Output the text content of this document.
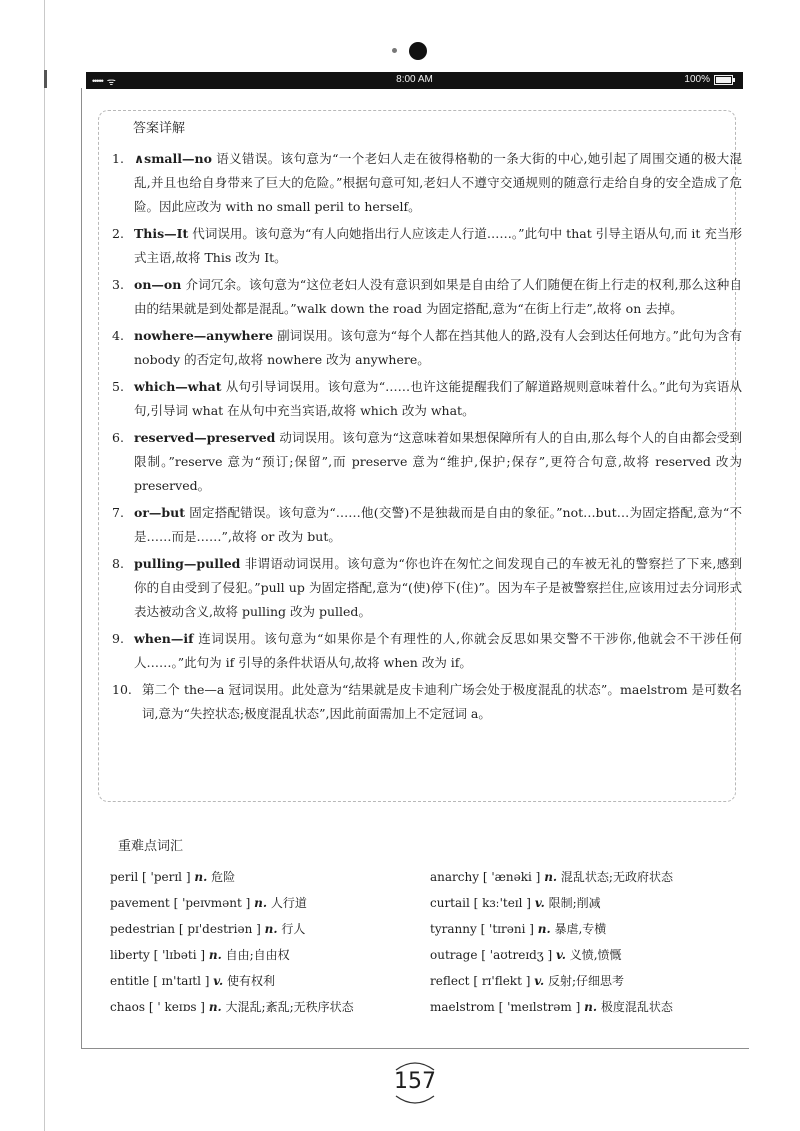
••••• ᯤ	8:00 AM	100%
答案详解
1. ∧small—no 语义错误。该句意为“一个老妇人走在彼得格勒的一条大街的中心,她引起了周围交通的极大混乱,并且也给自身带来了巨大的危险。”根据句意可知,老妇人不遵守交通规则的随意行走给自身的安全造成了危险。因此应改为 with no small peril to herself。
2. This—It 代词误用。该句意为“有人向她指出行人应该走人行道……。”此句中 that 引导主语从句,而 it 充当形式主语,故将 This 改为 It。
3. on—on 介词冗余。该句意为“这位老妇人没有意识到如果是自由给了人们随便在街上行走的权利,那么这种自由的结果就是到处都是混乱。”walk down the road 为固定搭配,意为“在街上行走”,故将 on 去掉。
4. nowhere—anywhere 副词误用。该句意为“每个人都在挡其他人的路,没有人会到达任何地方。”此句为含有 nobody 的否定句,故将 nowhere 改为 anywhere。
5. which—what 从句引导词误用。该句意为“……也许这能提醒我们了解道路规则意味着什么。”此句为宾语从句,引导词 what 在从句中充当宾语,故将 which 改为 what。
6. reserved—preserved 动词误用。该句意为“这意味着如果想保障所有人的自由,那么每个人的自由都会受到限制。”reserve 意为“预订;保留”,而 preserve 意为“维护,保护;保存”,更符合句意,故将 reserved 改为 preserved。
7. or—but 固定搭配错误。该句意为“……他(交警)不是独裁而是自由的象征。”not…but…为固定搭配,意为“不是……而是……”,故将 or 改为 but。
8. pulling—pulled 非谓语动词误用。该句意为“你也许在匆忙之间发现自己的车被无礼的警察拦了下来,感到你的自由受到了侵犯。”pull up 为固定搭配,意为“(使)停下(住)”。因为车子是被警察拦住,应该用过去分词形式表达被动含义,故将 pulling 改为 pulled。
9. when—if 连词误用。该句意为“如果你是个有理性的人,你就会反思如果交警不干涉你,他就会不干涉任何人……。”此句为 if 引导的条件状语从句,故将 when 改为 if。
10. 第二个 the—a 冠词误用。此处意为“结果就是皮卡迪利广场会处于极度混乱的状态”。maelstrom 是可数名词,意为“失控状态;极度混乱状态”,因此前面需加上不定冠词 a。
重难点词汇
peril [ 'perɪl ] n. 危险	anarchy [ 'ænəki ] n. 混乱状态;无政府状态
pavement [ 'peɪvmənt ] n. 人行道	curtail [ kɜː'teɪl ] v. 限制;削减
pedestrian [ pɪ'destriən ] n. 行人	tyranny [ 'tɪrəni ] n. 暴虐,专横
liberty [ 'lɪbəti ] n. 自由;自由权	outrage [ 'aʊtreɪdʒ ] v. 义愤,愤慨
entitle [ ɪn'taɪtl ] v. 使有权利	reflect [ rɪ'flekt ] v. 反射;仔细思考
chaos [ ' keɪɒs ] n. 大混乱;紊乱;无秩序状态	maelstrom [ 'meɪlstrəm ] n. 极度混乱状态
157
